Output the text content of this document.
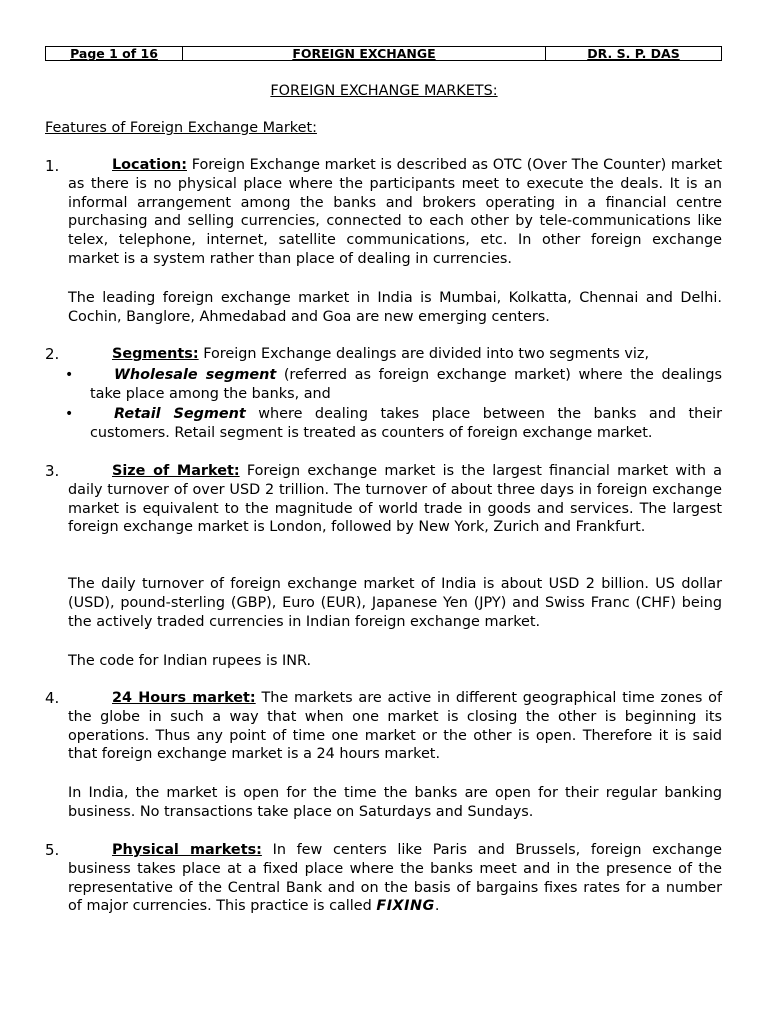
Page 1 of 16	FOREIGN EXCHANGE	DR. S. P. DAS
FOREIGN EXCHANGE MARKETS:
Features of Foreign Exchange Market:
1.	Location: Foreign Exchange market is described as OTC (Over The Counter) market as there is no physical place where the participants meet to execute the deals. It is an informal arrangement among the banks and brokers operating in a financial centre purchasing and selling currencies, connected to each other by tele-communications like telex, telephone, internet, satellite communications, etc. In other foreign exchange market is a system rather than place of dealing in currencies.
The leading foreign exchange market in India is Mumbai, Kolkatta, Chennai and Delhi. Cochin, Banglore, Ahmedabad and Goa are new emerging centers.
2.	Segments: Foreign Exchange dealings are divided into two segments viz,
•	Wholesale segment (referred as foreign exchange market) where the dealings take place among the banks, and
•	Retail Segment where dealing takes place between the banks and their customers. Retail segment is treated as counters of foreign exchange market.
3.	Size of Market: Foreign exchange market is the largest financial market with a daily turnover of over USD 2 trillion. The turnover of about three days in foreign exchange market is equivalent to the magnitude of world trade in goods and services. The largest foreign exchange market is London, followed by New York, Zurich and Frankfurt.
The daily turnover of foreign exchange market of India is about USD 2 billion. US dollar (USD), pound-sterling (GBP), Euro (EUR), Japanese Yen (JPY) and Swiss Franc (CHF) being the actively traded currencies in Indian foreign exchange market.
The code for Indian rupees is INR.
4.	24 Hours market: The markets are active in different geographical time zones of the globe in such a way that when one market is closing the other is beginning its operations. Thus any point of time one market or the other is open. Therefore it is said that foreign exchange market is a 24 hours market.
In India, the market is open for the time the banks are open for their regular banking business. No transactions take place on Saturdays and Sundays.
5.	Physical markets: In few centers like Paris and Brussels, foreign exchange business takes place at a fixed place where the banks meet and in the presence of the representative of the Central Bank and on the basis of bargains fixes rates for a number of major currencies. This practice is called FIXING.
